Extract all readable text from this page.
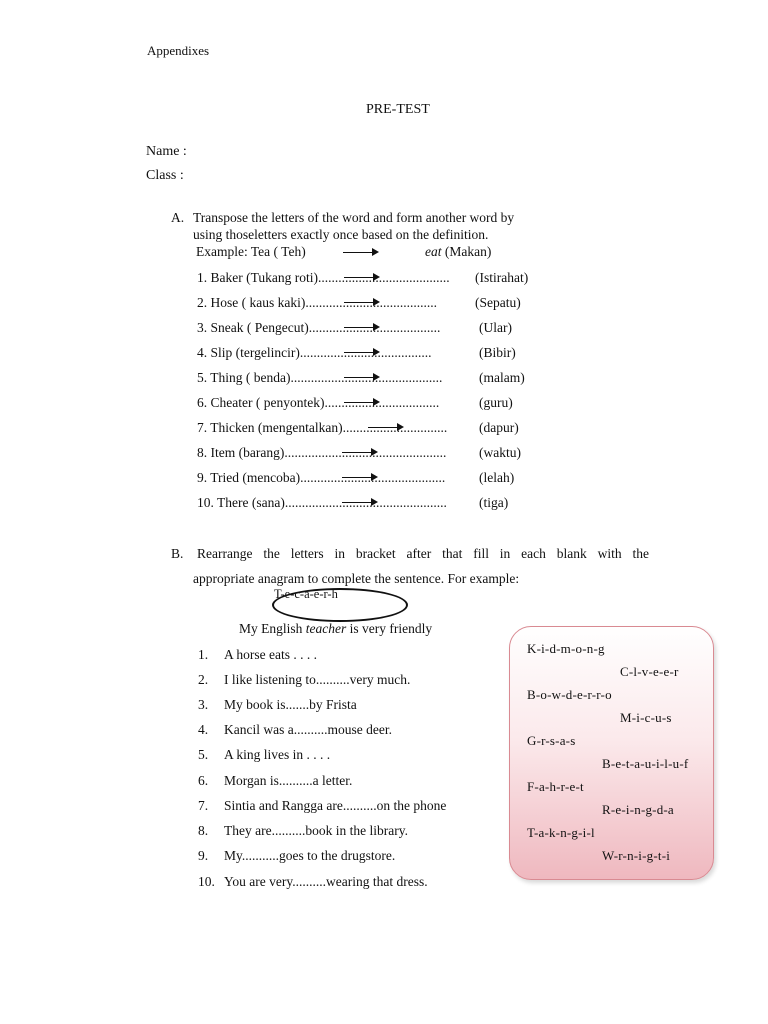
Appendixes
PRE-TEST
Name :
Class :
A. Transpose the letters of the word and form another word by
using thoseletters exactly once based on the definition.
Example: Tea ( Teh)	eat (Makan)
1. Baker (Tukang roti).......................................	(Istirahat)
2. Hose ( kaus kaki).......................................	(Sepatu)
3. Sneak ( Pengecut).......................................	(Ular)
4. Slip (tergelincir).......................................	(Bibir)
5. Thing ( benda).............................................	(malam)
6. Cheater ( penyontek)..................................	(guru)
7. Thicken (mengentalkan)...............................	(dapur)
8. Item (barang)................................................	(waktu)
9. Tried (mencoba)...........................................	(lelah)
10. There (sana)................................................	(tiga)
B. Rearrange the letters in bracket after that fill in each blank with the
appropriate anagram to complete the sentence. For example:
T-e-c-a-e-r-h
My English teacher is very friendly
1. A horse eats . . . .
2. I like listening to..........very much.
3. My book is.......by Frista
4. Kancil was a..........mouse deer.
5. A king lives in . . . .
6. Morgan is..........a letter.
7. Sintia and Rangga are..........on the phone
8. They are..........book in the library.
9. My...........goes to the drugstore.
10. You are very..........wearing that dress.
K-i-d-m-o-n-g
C-l-v-e-e-r
B-o-w-d-e-r-r-o
M-i-c-u-s
G-r-s-a-s
B-e-t-a-u-i-l-u-f
F-a-h-r-e-t
R-e-i-n-g-d-a
T-a-k-n-g-i-l
W-r-n-i-g-t-i
